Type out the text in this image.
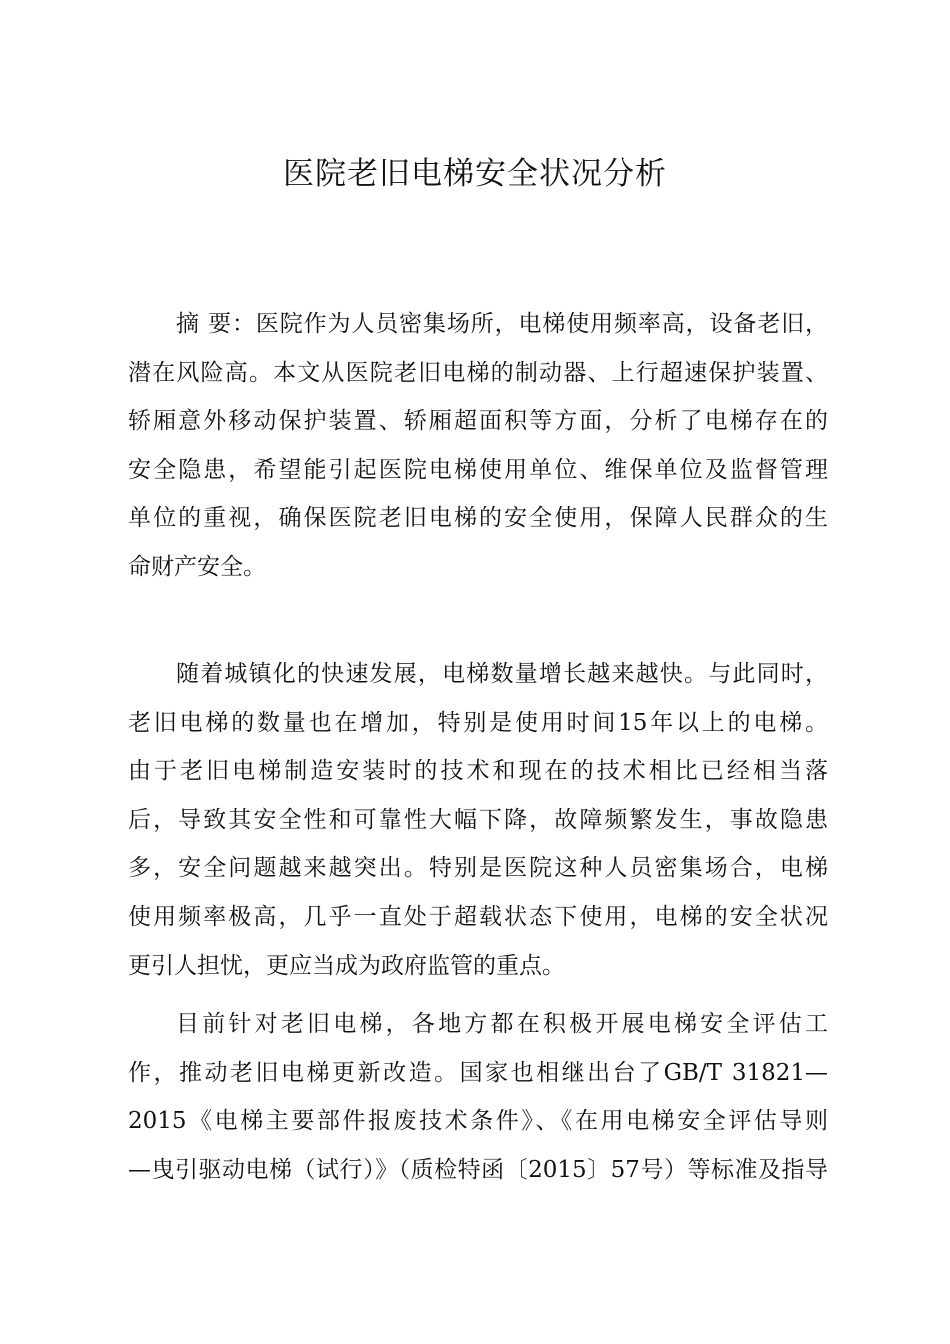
医院老旧电梯安全状况分析
摘 要：医院作为人员密集场所，电梯使用频率高，设备老旧，
潜在风险高。本文从医院老旧电梯的制动器、上行超速保护装置、
轿厢意外移动保护装置、轿厢超面积等方面，分析了电梯存在的
安全隐患，希望能引起医院电梯使用单位、维保单位及监督管理
单位的重视，确保医院老旧电梯的安全使用，保障人民群众的生
命财产安全。
随着城镇化的快速发展，电梯数量增长越来越快。与此同时，
老旧电梯的数量也在增加，特别是使用时间15年以上的电梯。
由于老旧电梯制造安装时的技术和现在的技术相比已经相当落
后，导致其安全性和可靠性大幅下降，故障频繁发生，事故隐患
多，安全问题越来越突出。特别是医院这种人员密集场合，电梯
使用频率极高，几乎一直处于超载状态下使用，电梯的安全状况
更引人担忧，更应当成为政府监管的重点。
目前针对老旧电梯，各地方都在积极开展电梯安全评估工
作，推动老旧电梯更新改造。国家也相继出台了GB/T 31821—
2015《电梯主要部件报废技术条件》、《在用电梯安全评估导则
—曳引驱动电梯（试行）》（质检特函〔2015〕57号）等标准及指导
